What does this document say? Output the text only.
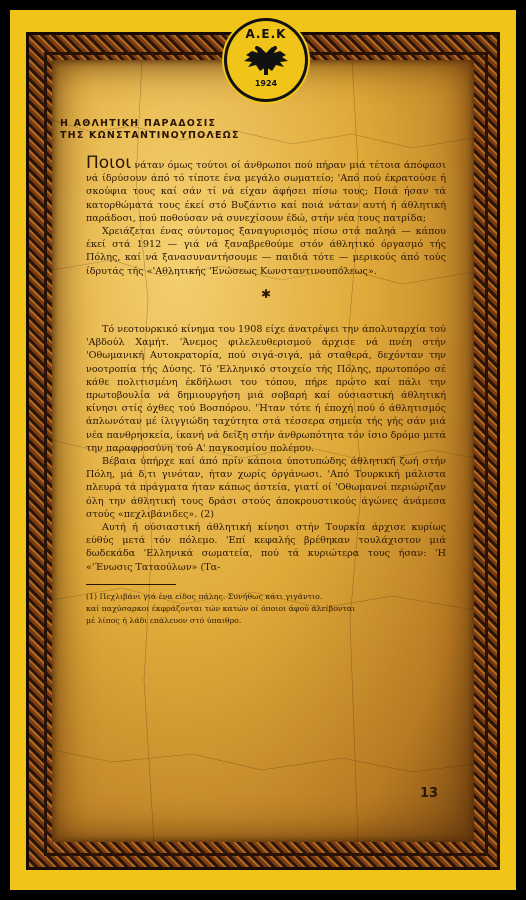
Α.Ε.Κ
1924
Η ΑΘΛΗΤΙΚΗ ΠΑΡΑΔΟΣΙΣ
ΤΗΣ ΚΩΝΣΤΑΝΤΙΝΟΥΠΟΛΕΩΣ

Ποιοι νάταν όμως τούτοι οί άνθρωποι πού πήραν μιά τέτοια άπόφασι νά ίδρύσουν άπό τό τίποτε ένα μεγάλο σωματείο; 'Από πού έκρατούσε ή σκούφια τους καί σάν τί νά είχαν άφήσει πίσω τους; Ποιά ήσαν τά κατορθώματά τους έκεί στό Βυζάντιο καί ποιά νάταν αυτή ή άθλητική παράδοσι, πού ποθούσαν νά συνεχίσουν έδώ, στήν νέα τους πατρίδα;

Χρειάζεται ένας σύντομος ξαναγυρισμός πίσω στά παληά — κάπου έκεί στά 1912 — γιά νά ξαναβρεθούμε στόν άθλητικό όργασμό τής Πόλης, καί νά ξανασυναντήσουμε — παιδιά τότε — μερικούς άπό τούς ίδρυτάς τής «'Αθλητικής 'Ενώσεως Κωνσταντινουπόλεως».

✱

Τό νεοτουρκικό κίνημα του 1908 είχε άνατρέψει την άπολυταρχία τού 'Αβδούλ Χαμήτ. 'Άνεμος φιλελευθερισμού άρχισε νά πνέη στήν 'Οθωμανική Αυτοκρατορία, πού σιγά-σιγά, μά σταθερά, δεχόνταν την νοοτροπία τής Δύσης. Τό 'Ελληνικό στοιχείο τής Πόλης, πρωτοπόρο σέ κάθε πολιτισμένη έκδήλωσι του τόπου, πήρε πρώτο καί πάλι την πρωτοβουλία νά δημιουργήση μιά σοβαρή καί ούσιαστική άθλητική κίνησι στίς όχθες τού Βοσπόρου. 'Ήταν τότε ή έποχή πού ό άθλητισμός άπλωνόταν μέ ίλιγγιώδη ταχύτητα στά τέσσερα σημεία τής γής σάν μιά νέα πανθρησκεία, ίκανή νά δείξη στήν άνθρωπότητα τόν ίσιο δρόμο μετά την παραφροσύνη τού Α' παγκοσμίου πολέμου.

Βέβαια ύπήρχε καί άπό πρίν κάποια ύποτυπώδης άθλητική ζωή στήν Πόλη, μά δ,τι γινόταν, ήταν χωρίς όργάνωσι. 'Από Τουρκική μάλιστα πλευρά τά πράγματα ήταν κάπως άστεία, γιατί οί 'Οθωμανοί περιώριζαν όλη την άθλητική τους δράσι στούς άποκρουστικούς άγώνες άνάμεσα στούς «πεχλιβάνιδες». (2)

Αυτή ή ούσιαστική άθλητική κίνησι στήν Τουρκία άρχισε κυρίως εύθύς μετά τόν πόλεμο. 'Επί κεφαλής βρέθηκαν τουλάχιστον μιά δωδεκάδα 'Ελληνικά σωματεία, πού τά κυριώτερα τους ήσαν: 'Η «'Ένωσις Ταταούλων» (Τα-

(1) Πεχλιβάνι γιά ένα είδος πάλης. Συνήθως κάτι γιγάντιο.

καί παχύσαρκοι έκφράζονται τών κατών οί όποιοι άφού άλείβονται

μέ λίπος ή λάδι επάλευον στό ύπαιθρο.

13
